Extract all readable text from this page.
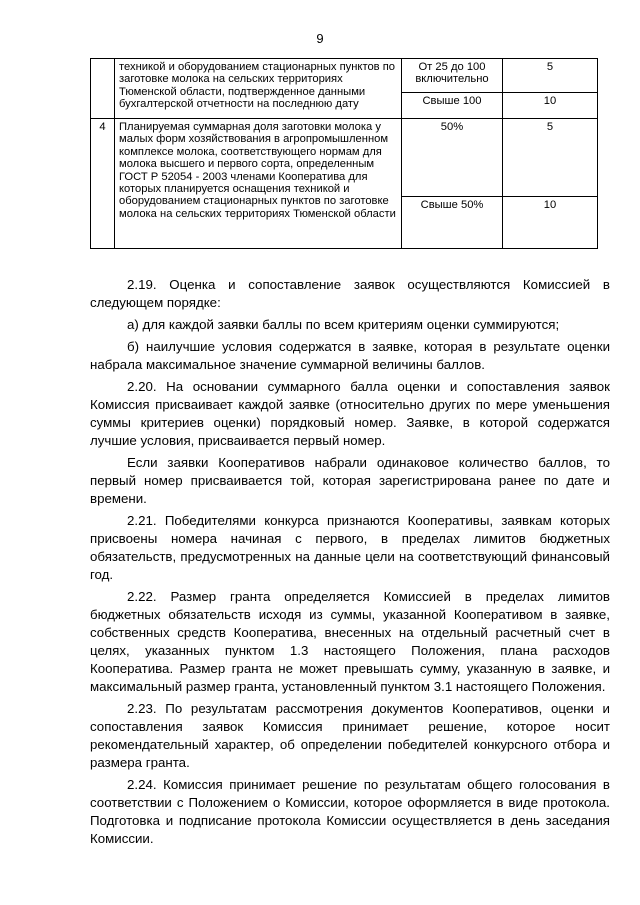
9
	техникой и оборудованием стационарных пунктов по заготовке молока на сельских территориях Тюменской области, подтвержденное данными бухгалтерской отчетности на последнюю дату	От 25 до 100 включительно	5
		Свыше 100	10
4	Планируемая суммарная доля заготовки молока у малых форм хозяйствования в агропромышленном комплексе молока, соответствующего нормам для молока высшего и первого сорта, определенным ГОСТ Р 52054 - 2003 членами Кооператива для которых планируется оснащения техникой и оборудованием стационарных пунктов по заготовке молока на сельских территориях Тюменской области	50%	5
		Свыше 50%	10

2.19. Оценка и сопоставление заявок осуществляются Комиссией в следующем порядке:

а) для каждой заявки баллы по всем критериям оценки суммируются;

б) наилучшие условия содержатся в заявке, которая в результате оценки набрала максимальное значение суммарной величины баллов.

2.20. На основании суммарного балла оценки и сопоставления заявок Комиссия присваивает каждой заявке (относительно других по мере уменьшения суммы критериев оценки) порядковый номер. Заявке, в которой содержатся лучшие условия, присваивается первый номер.

Если заявки Кооперативов набрали одинаковое количество баллов, то первый номер присваивается той, которая зарегистрирована ранее по дате и времени.

2.21. Победителями конкурса признаются Кооперативы, заявкам которых присвоены номера начиная с первого, в пределах лимитов бюджетных обязательств, предусмотренных на данные цели на соответствующий финансовый год.

2.22. Размер гранта определяется Комиссией в пределах лимитов бюджетных обязательств исходя из суммы, указанной Кооперативом в заявке, собственных средств Кооператива, внесенных на отдельный расчетный счет в целях, указанных пунктом 1.3 настоящего Положения, плана расходов Кооператива. Размер гранта не может превышать сумму, указанную в заявке, и максимальный размер гранта, установленный пунктом 3.1 настоящего Положения.

2.23. По результатам рассмотрения документов Кооперативов, оценки и сопоставления заявок Комиссия принимает решение, которое носит рекомендательный характер, об определении победителей конкурсного отбора и размера гранта.

2.24. Комиссия принимает решение по результатам общего голосования в соответствии с Положением о Комиссии, которое оформляется в виде протокола. Подготовка и подписание протокола Комиссии осуществляется в день заседания Комиссии.
